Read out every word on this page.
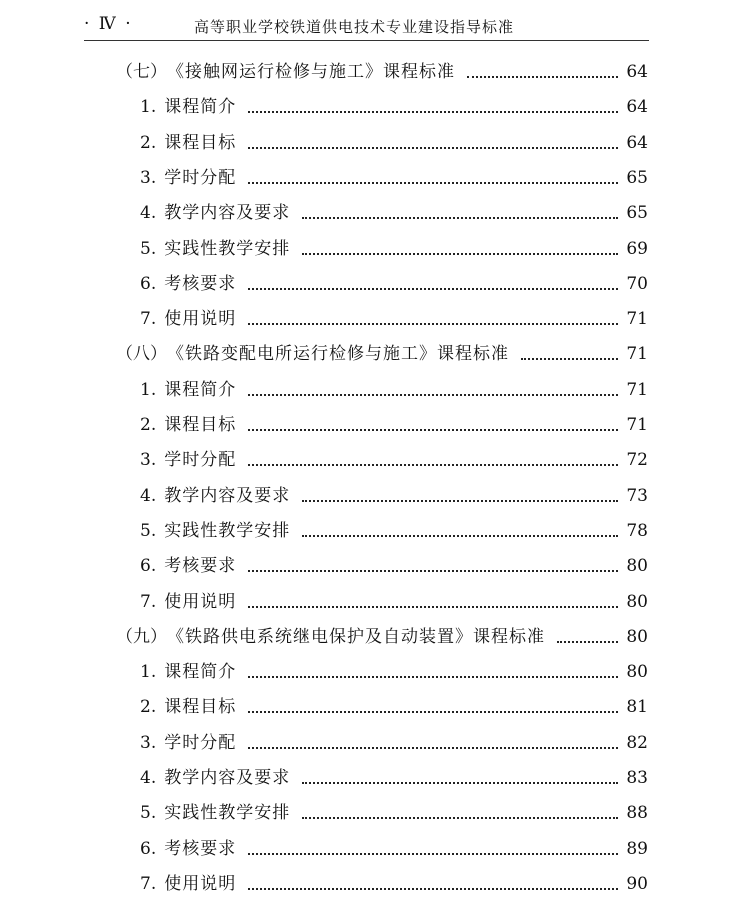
· Ⅳ ·	高等职业学校铁道供电技术专业建设指导标准
（七） 《接触网运行检修与施工》课程标准	64
1. 课程简介	64
2. 课程目标	64
3. 学时分配	65
4. 教学内容及要求	65
5. 实践性教学安排	69
6. 考核要求	70
7. 使用说明	71
（八） 《铁路变配电所运行检修与施工》课程标准	71
1. 课程简介	71
2. 课程目标	71
3. 学时分配	72
4. 教学内容及要求	73
5. 实践性教学安排	78
6. 考核要求	80
7. 使用说明	80
（九） 《铁路供电系统继电保护及自动装置》课程标准	80
1. 课程简介	80
2. 课程目标	81
3. 学时分配	82
4. 教学内容及要求	83
5. 实践性教学安排	88
6. 考核要求	89
7. 使用说明	90
